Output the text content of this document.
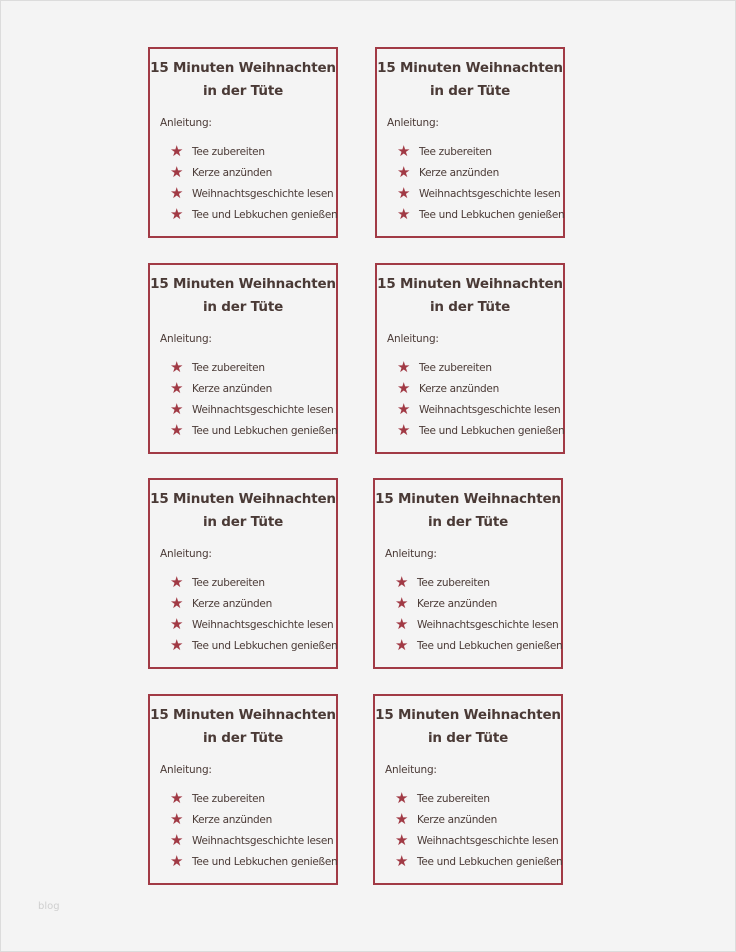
15 Minuten Weihnachten
in der Tüte
Anleitung:
★ Tee zubereiten
★ Kerze anzünden
★ Weihnachtsgeschichte lesen
★ Tee und Lebkuchen genießen
15 Minuten Weihnachten
in der Tüte
Anleitung:
★ Tee zubereiten
★ Kerze anzünden
★ Weihnachtsgeschichte lesen
★ Tee und Lebkuchen genießen
15 Minuten Weihnachten
in der Tüte
Anleitung:
★ Tee zubereiten
★ Kerze anzünden
★ Weihnachtsgeschichte lesen
★ Tee und Lebkuchen genießen
15 Minuten Weihnachten
in der Tüte
Anleitung:
★ Tee zubereiten
★ Kerze anzünden
★ Weihnachtsgeschichte lesen
★ Tee und Lebkuchen genießen
15 Minuten Weihnachten
in der Tüte
Anleitung:
★ Tee zubereiten
★ Kerze anzünden
★ Weihnachtsgeschichte lesen
★ Tee und Lebkuchen genießen
15 Minuten Weihnachten
in der Tüte
Anleitung:
★ Tee zubereiten
★ Kerze anzünden
★ Weihnachtsgeschichte lesen
★ Tee und Lebkuchen genießen
15 Minuten Weihnachten
in der Tüte
Anleitung:
★ Tee zubereiten
★ Kerze anzünden
★ Weihnachtsgeschichte lesen
★ Tee und Lebkuchen genießen
15 Minuten Weihnachten
in der Tüte
Anleitung:
★ Tee zubereiten
★ Kerze anzünden
★ Weihnachtsgeschichte lesen
★ Tee und Lebkuchen genießen
blog
